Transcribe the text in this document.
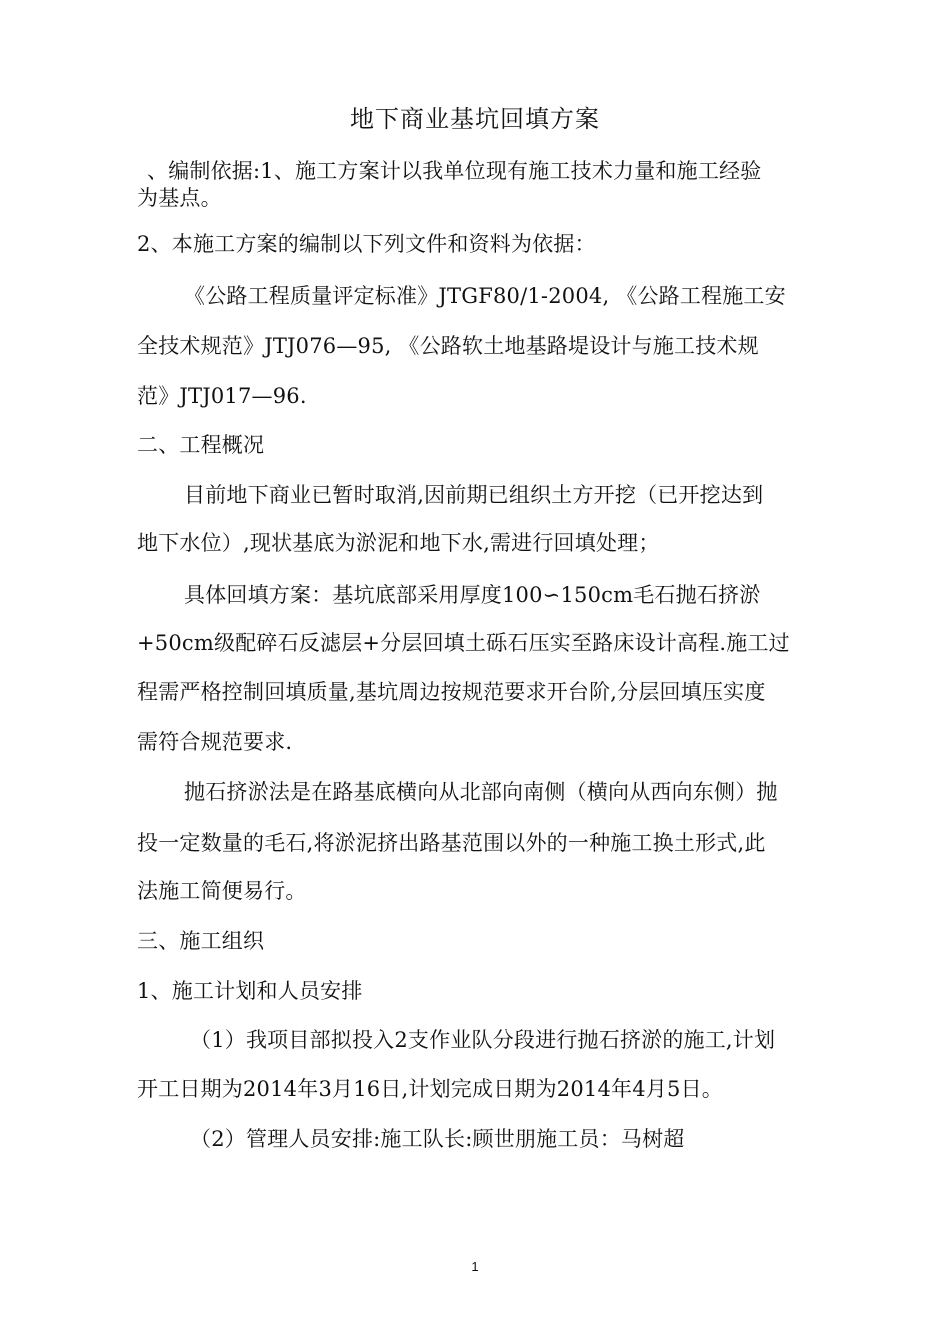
地下商业基坑回填方案
、编制依据:1、施工方案计以我单位现有施工技术力量和施工经验
为基点。
2、本施工方案的编制以下列文件和资料为依据：
《公路工程质量评定标准》JTGF80/1-2004, 《公路工程施工安
全技术规范》JTJ076—95, 《公路软土地基路堤设计与施工技术规
范》JTJ017—96.
二、工程概况
目前地下商业已暂时取消,因前期已组织土方开挖（已开挖达到
地下水位）,现状基底为淤泥和地下水,需进行回填处理；
具体回填方案：基坑底部采用厚度100∽150cm毛石抛石挤淤
+50cm级配碎石反滤层+分层回填土砾石压实至路床设计高程.施工过
程需严格控制回填质量,基坑周边按规范要求开台阶,分层回填压实度
需符合规范要求.
抛石挤淤法是在路基底横向从北部向南侧（横向从西向东侧）抛
投一定数量的毛石,将淤泥挤出路基范围以外的一种施工换土形式,此
法施工简便易行。
三、施工组织
1、施工计划和人员安排
（1）我项目部拟投入2支作业队分段进行抛石挤淤的施工,计划
开工日期为2014年3月16日,计划完成日期为2014年4月5日。
（2）管理人员安排:施工队长:顾世朋施工员：马树超
1
